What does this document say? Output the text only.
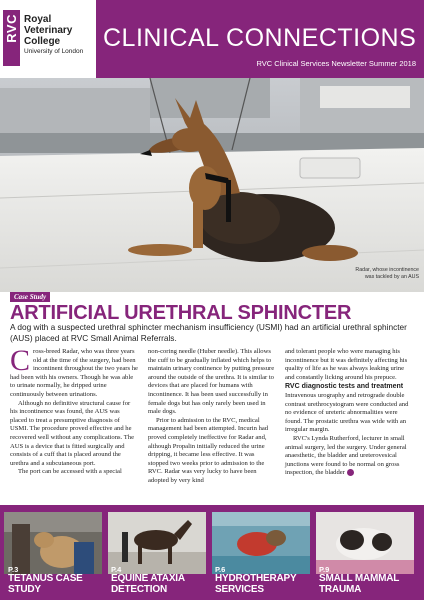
RVC Royal
Veterinary
College
University of London CLINICAL CONNECTIONS
RVC Clinical Services Newsletter Summer 2018
Radar, whose incontinence was tackled by an AUS
Case Study
ARTIFICIAL URETHRAL SPHINCTER
A dog with a suspected urethral sphincter mechanism insufficiency (USMI) had an artificial urethral sphincter (AUS) placed at RVC Small Animal Referrals.

Cross-breed Radar, who was three years old at the time of the surgery, had been incontinent throughout the two years he had been with his owners. Though he was able to urinate normally, he dripped urine continuously between urinations.

Although no definitive structural cause for his incontinence was found, the AUS was placed to treat a presumptive diagnosis of USMI. The procedure proved effective and he recovered well without any complications. The AUS is a device that is fitted surgically and consists of a cuff that is placed around the urethra and a subcutaneous port.

The port can be accessed with a special

non-coring needle (Huber needle). This allows the cuff to be gradually inflated which helps to maintain urinary continence by putting pressure around the outside of the urethra. It is similar to devices that are placed for humans with incontinence. It has been used successfully in female dogs but has only rarely been used in male dogs.

Prior to admission to the RVC, medical management had been attempted. Incurin had proved completely ineffective for Radar and, although Propalin initially reduced the urine dripping, it became less effective. It was stopped two weeks prior to admission to the RVC. Radar was very lucky to have been adopted by very kind

and tolerant people who were managing his incontinence but it was definitely affecting his quality of life as he was always leaking urine and constantly licking around his prepuce.

RVC diagnostic tests and treatment

Intravenous urography and retrograde double contrast urethrocystogram were conducted and no evidence of ureteric abnormalities were found. The prostatic urethra was wide with an irregular margin.

RVC's Lynda Rutherford, lecturer in small animal surgery, led the surgery. Under general anaesthetic, the bladder and ureterovesical junctions were found to be normal on gross inspection, the bladder ➜

P.3
TETANUS CASE STUDY
P.4
EQUINE ATAXIA
DETECTION
P.6
HYDROTHERAPY
SERVICES
P.9
SMALL MAMMAL
TRAUMA
